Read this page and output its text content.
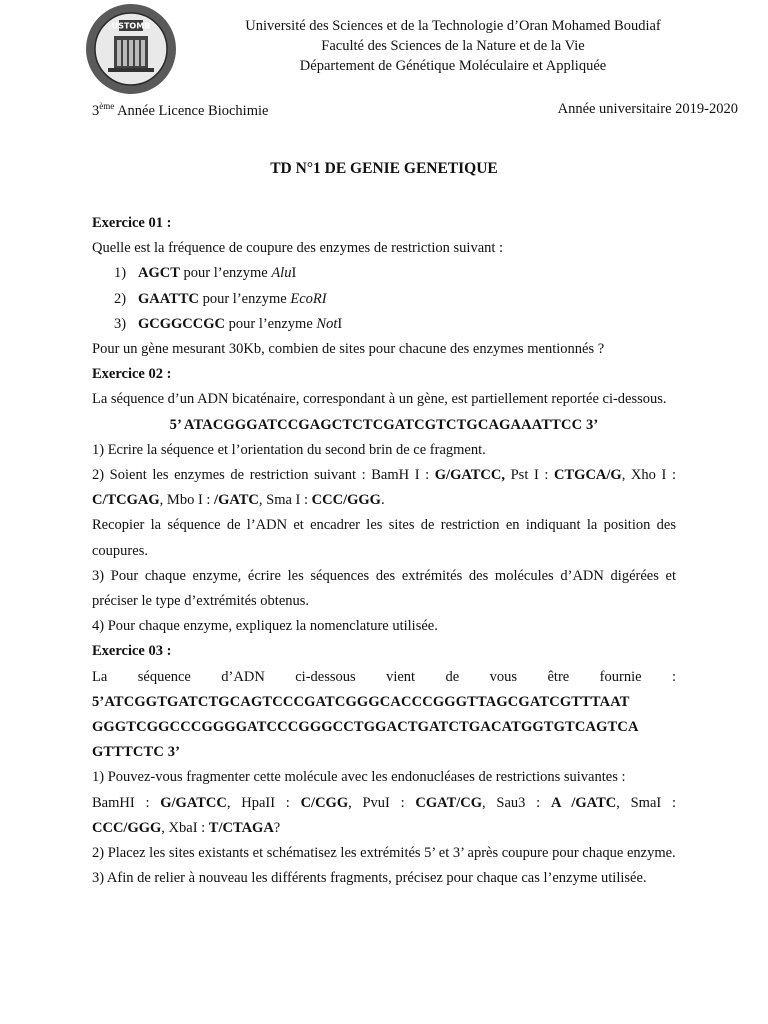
USTOMB	Université des Sciences et de la Technologie d’Oran Mohamed Boudiaf
Faculté des Sciences de la Nature et de la Vie
Département de Génétique Moléculaire et Appliquée
3ème Année Licence Biochimie	Année universitaire 2019-2020
TD N°1 DE GENIE GENETIQUE

Exercice 01 :

Quelle est la fréquence de coupure des enzymes de restriction suivant :

1) AGCT pour l’enzyme AluI
2) GAATTC pour l’enzyme EcoRI
3) GCGGCCGC pour l’enzyme NotI

Pour un gène mesurant 30Kb, combien de sites pour chacune des enzymes mentionnés ?

Exercice 02 :

La séquence d’un ADN bicaténaire, correspondant à un gène, est partiellement reportée ci-dessous.

5’ ATACGGGATCCGAGCTCTCGATCGTCTGCAGAAATTCC 3’

1) Ecrire la séquence et l’orientation du second brin de ce fragment.

2) Soient les enzymes de restriction suivant : BamH I : G/GATCC, Pst I : CTGCA/G, Xho I : C/TCGAG, Mbo I : /GATC, Sma I : CCC/GGG.

Recopier la séquence de l’ADN et encadrer les sites de restriction en indiquant la position des coupures.

3) Pour chaque enzyme, écrire les séquences des extrémités des molécules d’ADN digérées et préciser le type d’extrémités obtenus.

4) Pour chaque enzyme, expliquez la nomenclature utilisée.

Exercice 03 :

La séquence d’ADN ci-dessous vient de vous être fournie :

5’ATCGGTGATCTGCAGTCCCGATCGGGCACCCGGGTTAGCGATCGTTTAAT

GGGTCGGCCCGGGGATCCCGGGCCTGGACTGATCTGACATGGTGTCAGTCA

GTTTCTC 3’

1) Pouvez-vous fragmenter cette molécule avec les endonucléases de restrictions suivantes :

BamHI : G/GATCC, HpaII : C/CGG, PvuI : CGAT/CG, Sau3 : A /GATC, SmaI :

CCC/GGG, XbaI : T/CTAGA?

2) Placez les sites existants et schématisez les extrémités 5’ et 3’ après coupure pour chaque enzyme.

3) Afin de relier à nouveau les différents fragments, précisez pour chaque cas l’enzyme utilisée.
